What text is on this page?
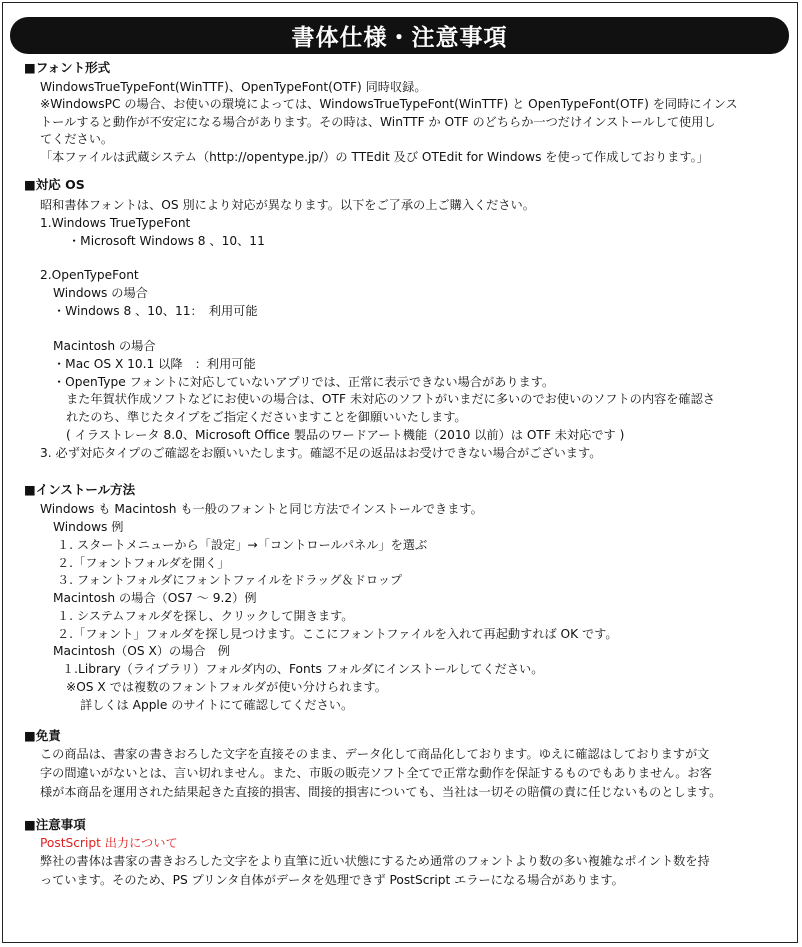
書体仕様・注意事項
■フォント形式
WindowsTrueTypeFont(WinTTF)、OpenTypeFont(OTF) 同時収録。
※WindowsPC の場合、お使いの環境によっては、WindowsTrueTypeFont(WinTTF) と OpenTypeFont(OTF) を同時にインス
トールすると動作が不安定になる場合があります。その時は、WinTTF か OTF のどちらか一つだけインストールして使用し
てください。
「本ファイルは武蔵システム（http://opentype.jp/）の TTEdit 及び OTEdit for Windows を使って作成しております。」
■対応 OS
昭和書体フォントは、OS 別により対応が異なります。以下をご了承の上ご購入ください。
1.Windows TrueTypeFont
・Microsoft Windows 8 、10、11
2.OpenTypeFont
Windows の場合
・Windows 8 、10、11：　利用可能
Macintosh の場合
・Mac OS X 10.1 以降　：利用可能
・OpenType フォントに対応していないアプリでは、正常に表示できない場合があります。
また年賀状作成ソフトなどにお使いの場合は、OTF 未対応のソフトがいまだに多いのでお使いのソフトの内容を確認さ
れたのち、準じたタイプをご指定くださいますことを御願いいたします。
( イラストレータ 8.0、Microsoft Office 製品のワードアート機能（2010 以前）は OTF 未対応です )
3. 必ず対応タイプのご確認をお願いいたします。確認不足の返品はお受けできない場合がございます。
■インストール方法
Windows も Macintosh も一般のフォントと同じ方法でインストールできます。
Windows 例
１. スタートメニューから「設定」→「コントロールパネル」を選ぶ
２.「フォントフォルダを開く」
３. フォントフォルダにフォントファイルをドラッグ＆ドロップ
Macintosh の場合（OS7 ～ 9.2）例
１. システムフォルダを探し、クリックして開きます。
２.「フォント」フォルダを探し見つけます。ここにフォントファイルを入れて再起動すれば OK です。
Macintosh（OS X）の場合　例
１.Library（ライブラリ）フォルダ内の、Fonts フォルダにインストールしてください。
※OS X では複数のフォントフォルダが使い分けられます。
詳しくは Apple のサイトにて確認してください。
■免責
この商品は、書家の書きおろした文字を直接そのまま、データ化して商品化しております。ゆえに確認はしておりますが文
字の間違いがないとは、言い切れません。また、市販の販売ソフト全てで正常な動作を保証するものでもありません。お客
様が本商品を運用された結果起きた直接的損害、間接的損害についても、当社は一切その賠償の責に任じないものとします。
■注意事項
PostScript 出力について
弊社の書体は書家の書きおろした文字をより直筆に近い状態にするため通常のフォントより数の多い複雑なポイント数を持
っています。そのため、PS プリンタ自体がデータを処理できず PostScript エラーになる場合があります。
